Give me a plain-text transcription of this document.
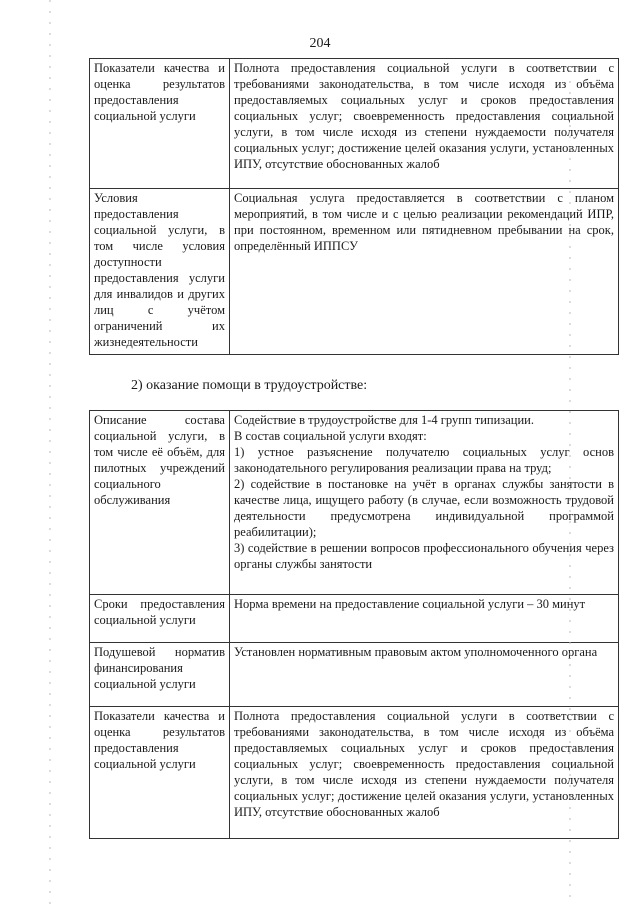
204
Показатели качества и оценка результатов предоставления социальной услуги	Полнота предоставления социальной услуги в соответствии с требованиями законодательства, в том числе исходя из объёма предоставляемых социальных услуг и сроков предоставления социальных услуг; своевременность предоставления социальной услуги, в том числе исходя из степени нуждаемости получателя социальных услуг; достижение целей оказания услуги, установленных ИПУ, отсутствие обоснованных жалоб

Условия предоставления социальной услуги, в том числе условия доступности предоставления услуги для инвалидов и других лиц с учётом ограничений их жизнедеятельности	Социальная услуга предоставляется в соответствии с планом мероприятий, в том числе и с целью реализации рекомендаций ИПР, при постоянном, временном или пятидневном пребывании на срок, определённый ИППСУ
2) оказание помощи в трудоустройстве:
Описание состава социальной услуги, в том числе её объём, для пилотных учреждений социального обслуживания	Содействие в трудоустройстве для 1-4 групп типизации.
В состав социальной услуги входят:
1) устное разъяснение получателю социальных услуг основ законодательного регулирования реализации права на труд;
2) содействие в постановке на учёт в органах службы занятости в качестве лица, ищущего работу (в случае, если возможность трудовой деятельности предусмотрена индивидуальной программой реабилитации);
3) содействие в решении вопросов профессионального обучения через органы службы занятости

Сроки предоставления социальной услуги	Норма времени на предоставление социальной услуги – 30 минут

Подушевой норматив финансирования социальной услуги	Установлен нормативным правовым актом уполномоченного органа

Показатели качества и оценка результатов предоставления социальной услуги	Полнота предоставления социальной услуги в соответствии с требованиями законодательства, в том числе исходя из объёма предоставляемых социальных услуг и сроков предоставления социальных услуг; своевременность предоставления социальной услуги, в том числе исходя из степени нуждаемости получателя социальных услуг; достижение целей оказания услуги, установленных ИПУ, отсутствие обоснованных жалоб
